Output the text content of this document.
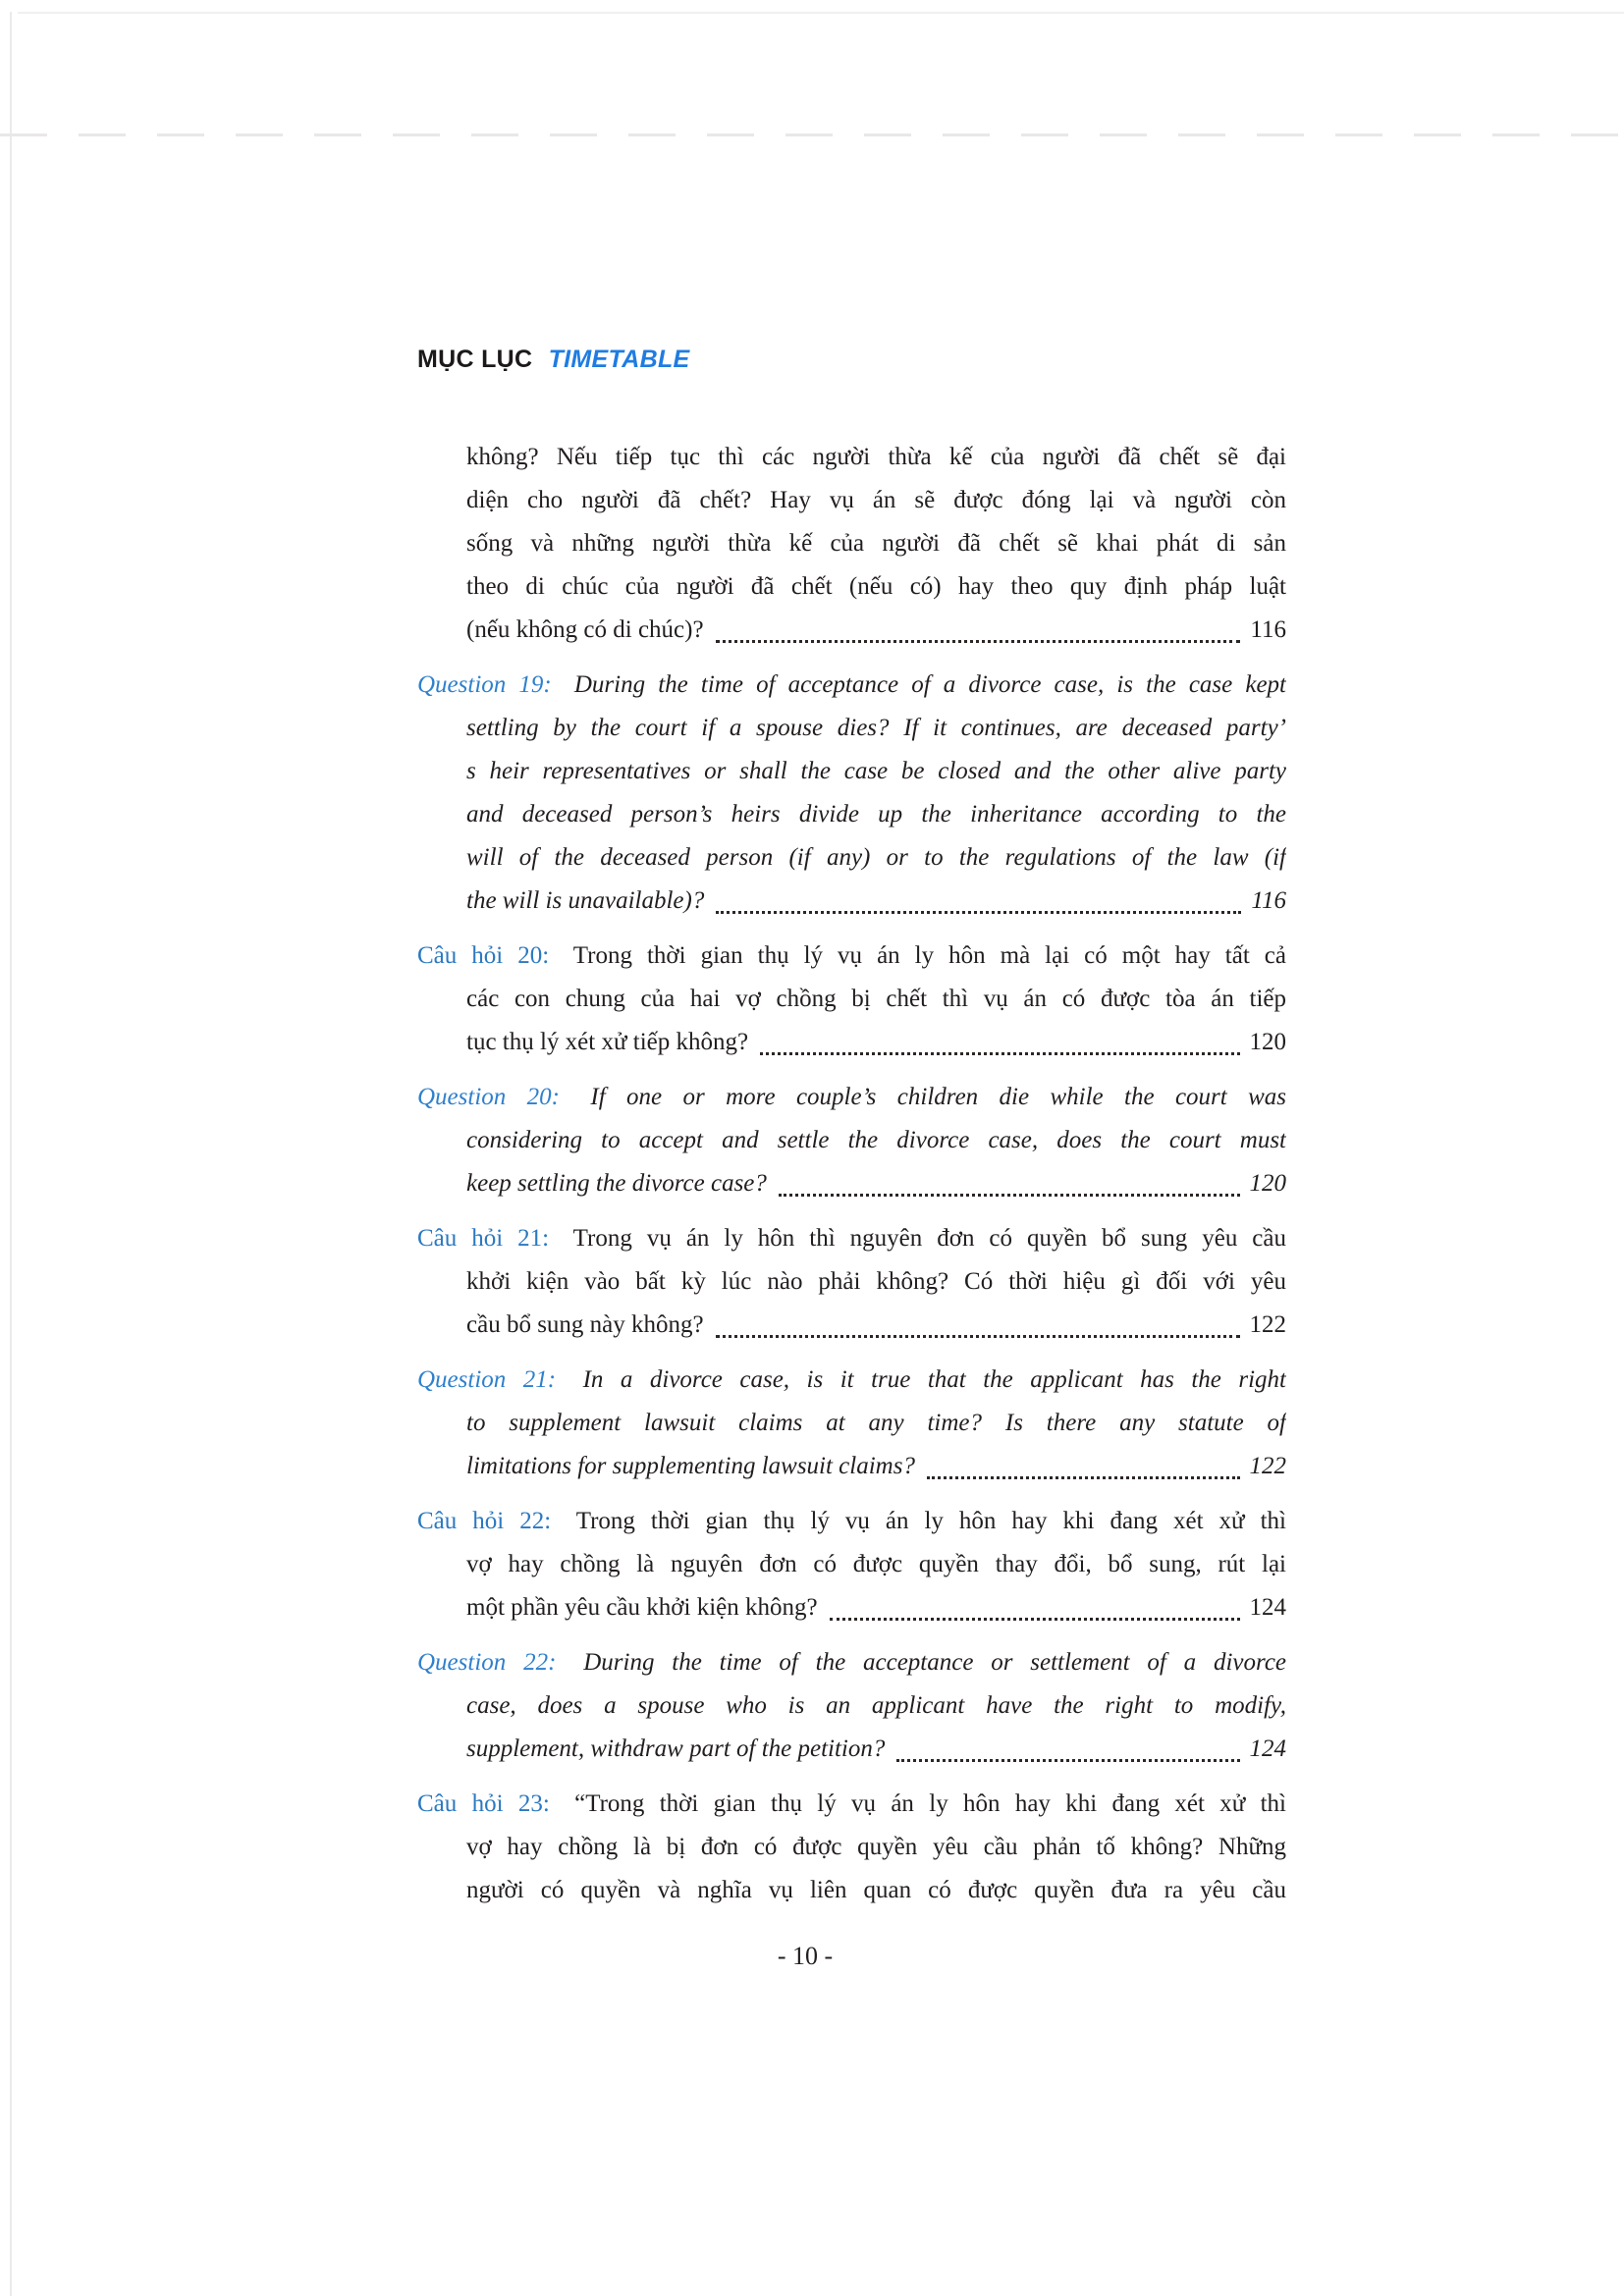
MỤC LỤC TIMETABLE
không? Nếu tiếp tục thì các người thừa kế của người đã chết sẽ đại
diện cho người đã chết? Hay vụ án sẽ được đóng lại và người còn
sống và những người thừa kế của người đã chết sẽ khai phát di sản
theo di chúc của người đã chết (nếu có) hay theo quy định pháp luật
(nếu không có di chúc)?	116
Question 19: During the time of acceptance of a divorce case, is the case kept
settling by the court if a spouse dies? If it continues, are deceased party’
s heir representatives or shall the case be closed and the other alive party
and deceased person’s heirs divide up the inheritance according to the
will of the deceased person (if any) or to the regulations of the law (if
the will is unavailable)?	116
Câu hỏi 20: Trong thời gian thụ lý vụ án ly hôn mà lại có một hay tất cả
các con chung của hai vợ chồng bị chết thì vụ án có được tòa án tiếp
tục thụ lý xét xử tiếp không?	120
Question 20: If one or more couple’s children die while the court was
considering to accept and settle the divorce case, does the court must
keep settling the divorce case?	120
Câu hỏi 21: Trong vụ án ly hôn thì nguyên đơn có quyền bổ sung yêu cầu
khởi kiện vào bất kỳ lúc nào phải không? Có thời hiệu gì đối với yêu
cầu bổ sung này không?	122
Question 21: In a divorce case, is it true that the applicant has the right
to supplement lawsuit claims at any time? Is there any statute of
limitations for supplementing lawsuit claims?	122
Câu hỏi 22: Trong thời gian thụ lý vụ án ly hôn hay khi đang xét xử thì
vợ hay chồng là nguyên đơn có được quyền thay đổi, bổ sung, rút lại
một phần yêu cầu khởi kiện không?	124
Question 22: During the time of the acceptance or settlement of a divorce
case, does a spouse who is an applicant have the right to modify,
supplement, withdraw part of the petition?	124
Câu hỏi 23: “Trong thời gian thụ lý vụ án ly hôn hay khi đang xét xử thì
vợ hay chồng là bị đơn có được quyền yêu cầu phản tố không? Những
người có quyền và nghĩa vụ liên quan có được quyền đưa ra yêu cầu
- 10 -
